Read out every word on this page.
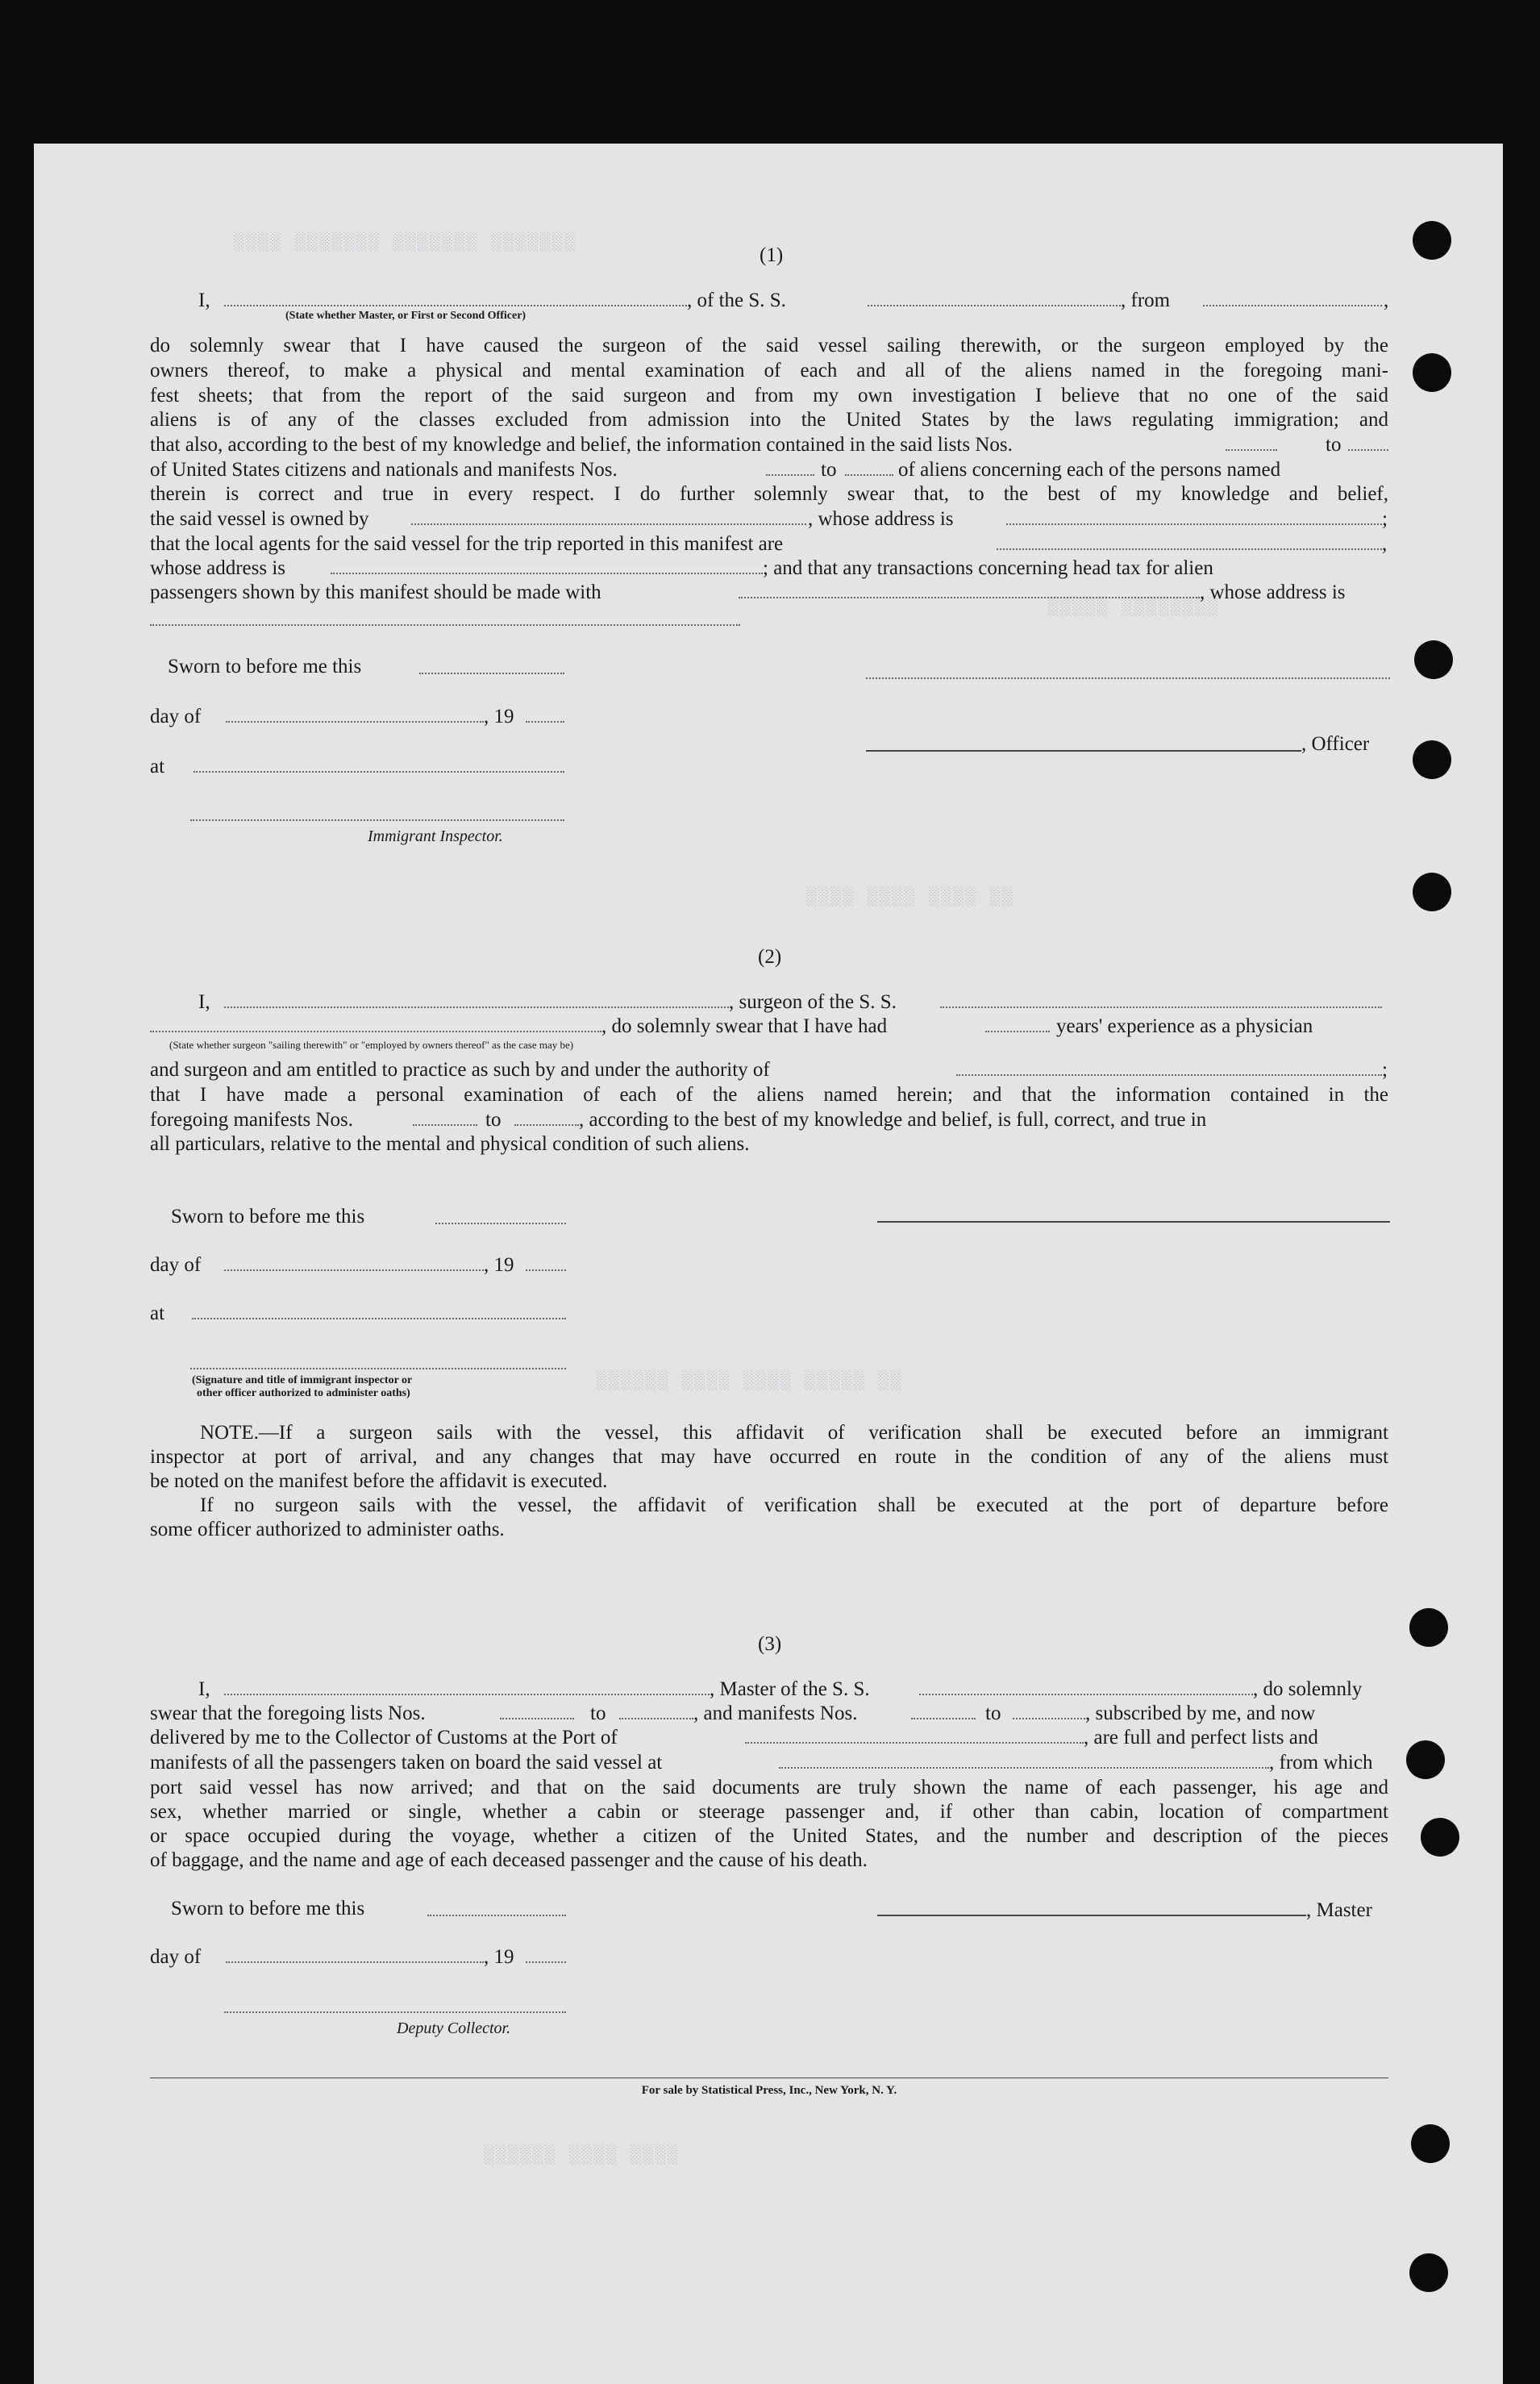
░░░░ ░░░░░░░ ░░░░░░░ ░░░░░░░
░░░░░ ░░░░░░░░
░░░░ ░░░░ ░░░░ ░░
░░░░░░ ░░░░ ░░░░ ░░░░░ ░░
░░░░░░ ░░░░ ░░░░
(1)
I,	, of the S. S.	, from	,
(State whether Master, or First or Second Officer)
do solemnly swear that I have caused the surgeon of the said vessel sailing therewith, or the surgeon employed by the
owners thereof, to make a physical and mental examination of each and all of the aliens named in the foregoing mani-
fest sheets; that from the report of the said surgeon and from my own investigation I believe that no one of the said
aliens is of any of the classes excluded from admission into the United States by the laws regulating immigration; and
that also, according to the best of my knowledge and belief, the information contained in the said lists Nos.	to
of United States citizens and nationals and manifests Nos.	to	of aliens concerning each of the persons named
therein is correct and true in every respect. I do further solemnly swear that, to the best of my knowledge and belief,
the said vessel is owned by	, whose address is	;
that the local agents for the said vessel for the trip reported in this manifest are	,
whose address is	; and that any transactions concerning head tax for alien
passengers shown by this manifest should be made with	, whose address is
Sworn to before me this
day of	, 19
at
, Officer
Immigrant Inspector.
(2)
I,	, surgeon of the S. S.
, do solemnly swear that I have had	years' experience as a physician
(State whether surgeon "sailing therewith" or "employed by owners thereof" as the case may be)
and surgeon and am entitled to practice as such by and under the authority of	;
that I have made a personal examination of each of the aliens named herein; and that the information contained in the
foregoing manifests Nos.	to	, according to the best of my knowledge and belief, is full, correct, and true in
all particulars, relative to the mental and physical condition of such aliens.
Sworn to before me this
day of	, 19
at
(Signature and title of immigrant inspector or
other officer authorized to administer oaths)
NOTE.—If a surgeon sails with the vessel, this affidavit of verification shall be executed before an immigrant
inspector at port of arrival, and any changes that may have occurred en route in the condition of any of the aliens must
be noted on the manifest before the affidavit is executed.
If no surgeon sails with the vessel, the affidavit of verification shall be executed at the port of departure before
some officer authorized to administer oaths.
(3)
I,	, Master of the S. S.	, do solemnly
swear that the foregoing lists Nos.	to	, and manifests Nos.	to	, subscribed by me, and now
delivered by me to the Collector of Customs at the Port of	, are full and perfect lists and
manifests of all the passengers taken on board the said vessel at	, from which
port said vessel has now arrived; and that on the said documents are truly shown the name of each passenger, his age and
sex, whether married or single, whether a cabin or steerage passenger and, if other than cabin, location of compartment
or space occupied during the voyage, whether a citizen of the United States, and the number and description of the pieces
of baggage, and the name and age of each deceased passenger and the cause of his death.
Sworn to before me this	, Master
day of	, 19
Deputy Collector.
For sale by Statistical Press, Inc., New York, N. Y.
